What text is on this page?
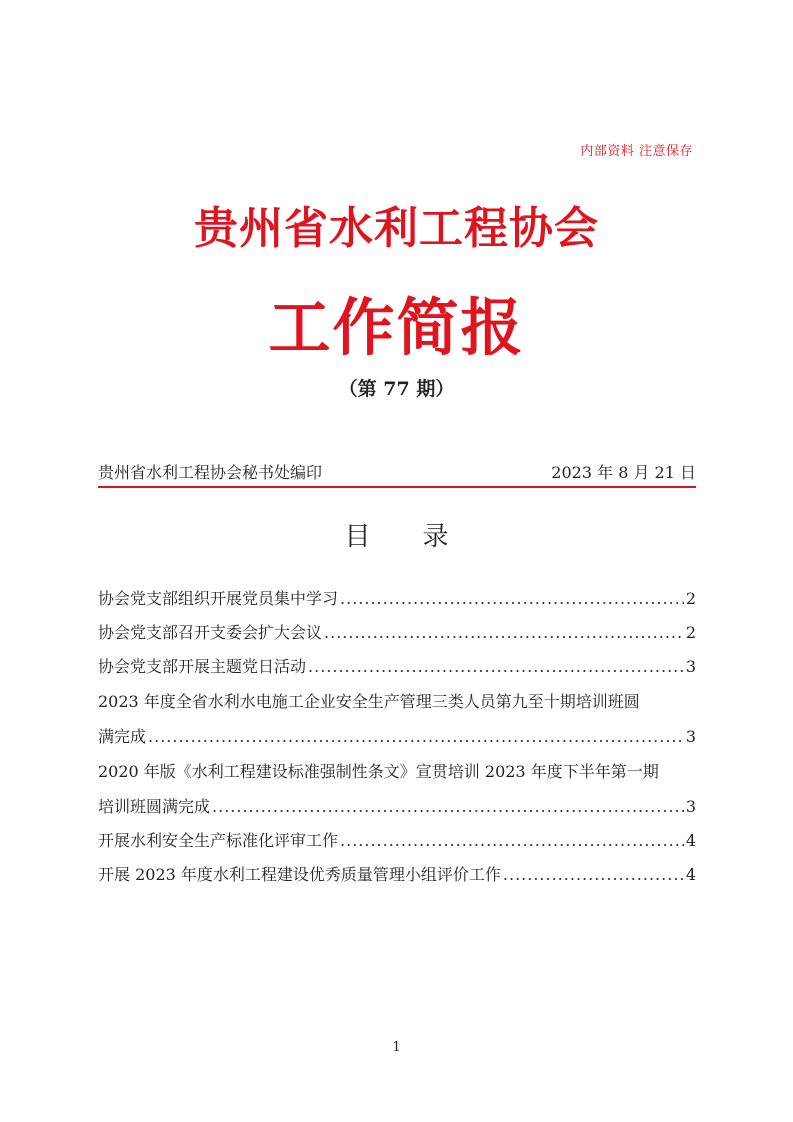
内部资料 注意保存
贵州省水利工程协会
工作简报
（第 77 期）
贵州省水利工程协会秘书处编印	2023 年 8 月 21 日
目 录
协会党支部组织开展党员集中学习 .....	2
协会党支部召开支委会扩大会议 .....	2
协会党支部开展主题党日活动 .....	3
2023 年度全省水利水电施工企业安全生产管理三类人员第九至十期培训班圆
满完成 .....	3
2020 年版《水利工程建设标准强制性条文》宣贯培训 2023 年度下半年第一期
培训班圆满完成 .....	3
开展水利安全生产标准化评审工作 .....	4
开展 2023 年度水利工程建设优秀质量管理小组评价工作 .....	4
1
